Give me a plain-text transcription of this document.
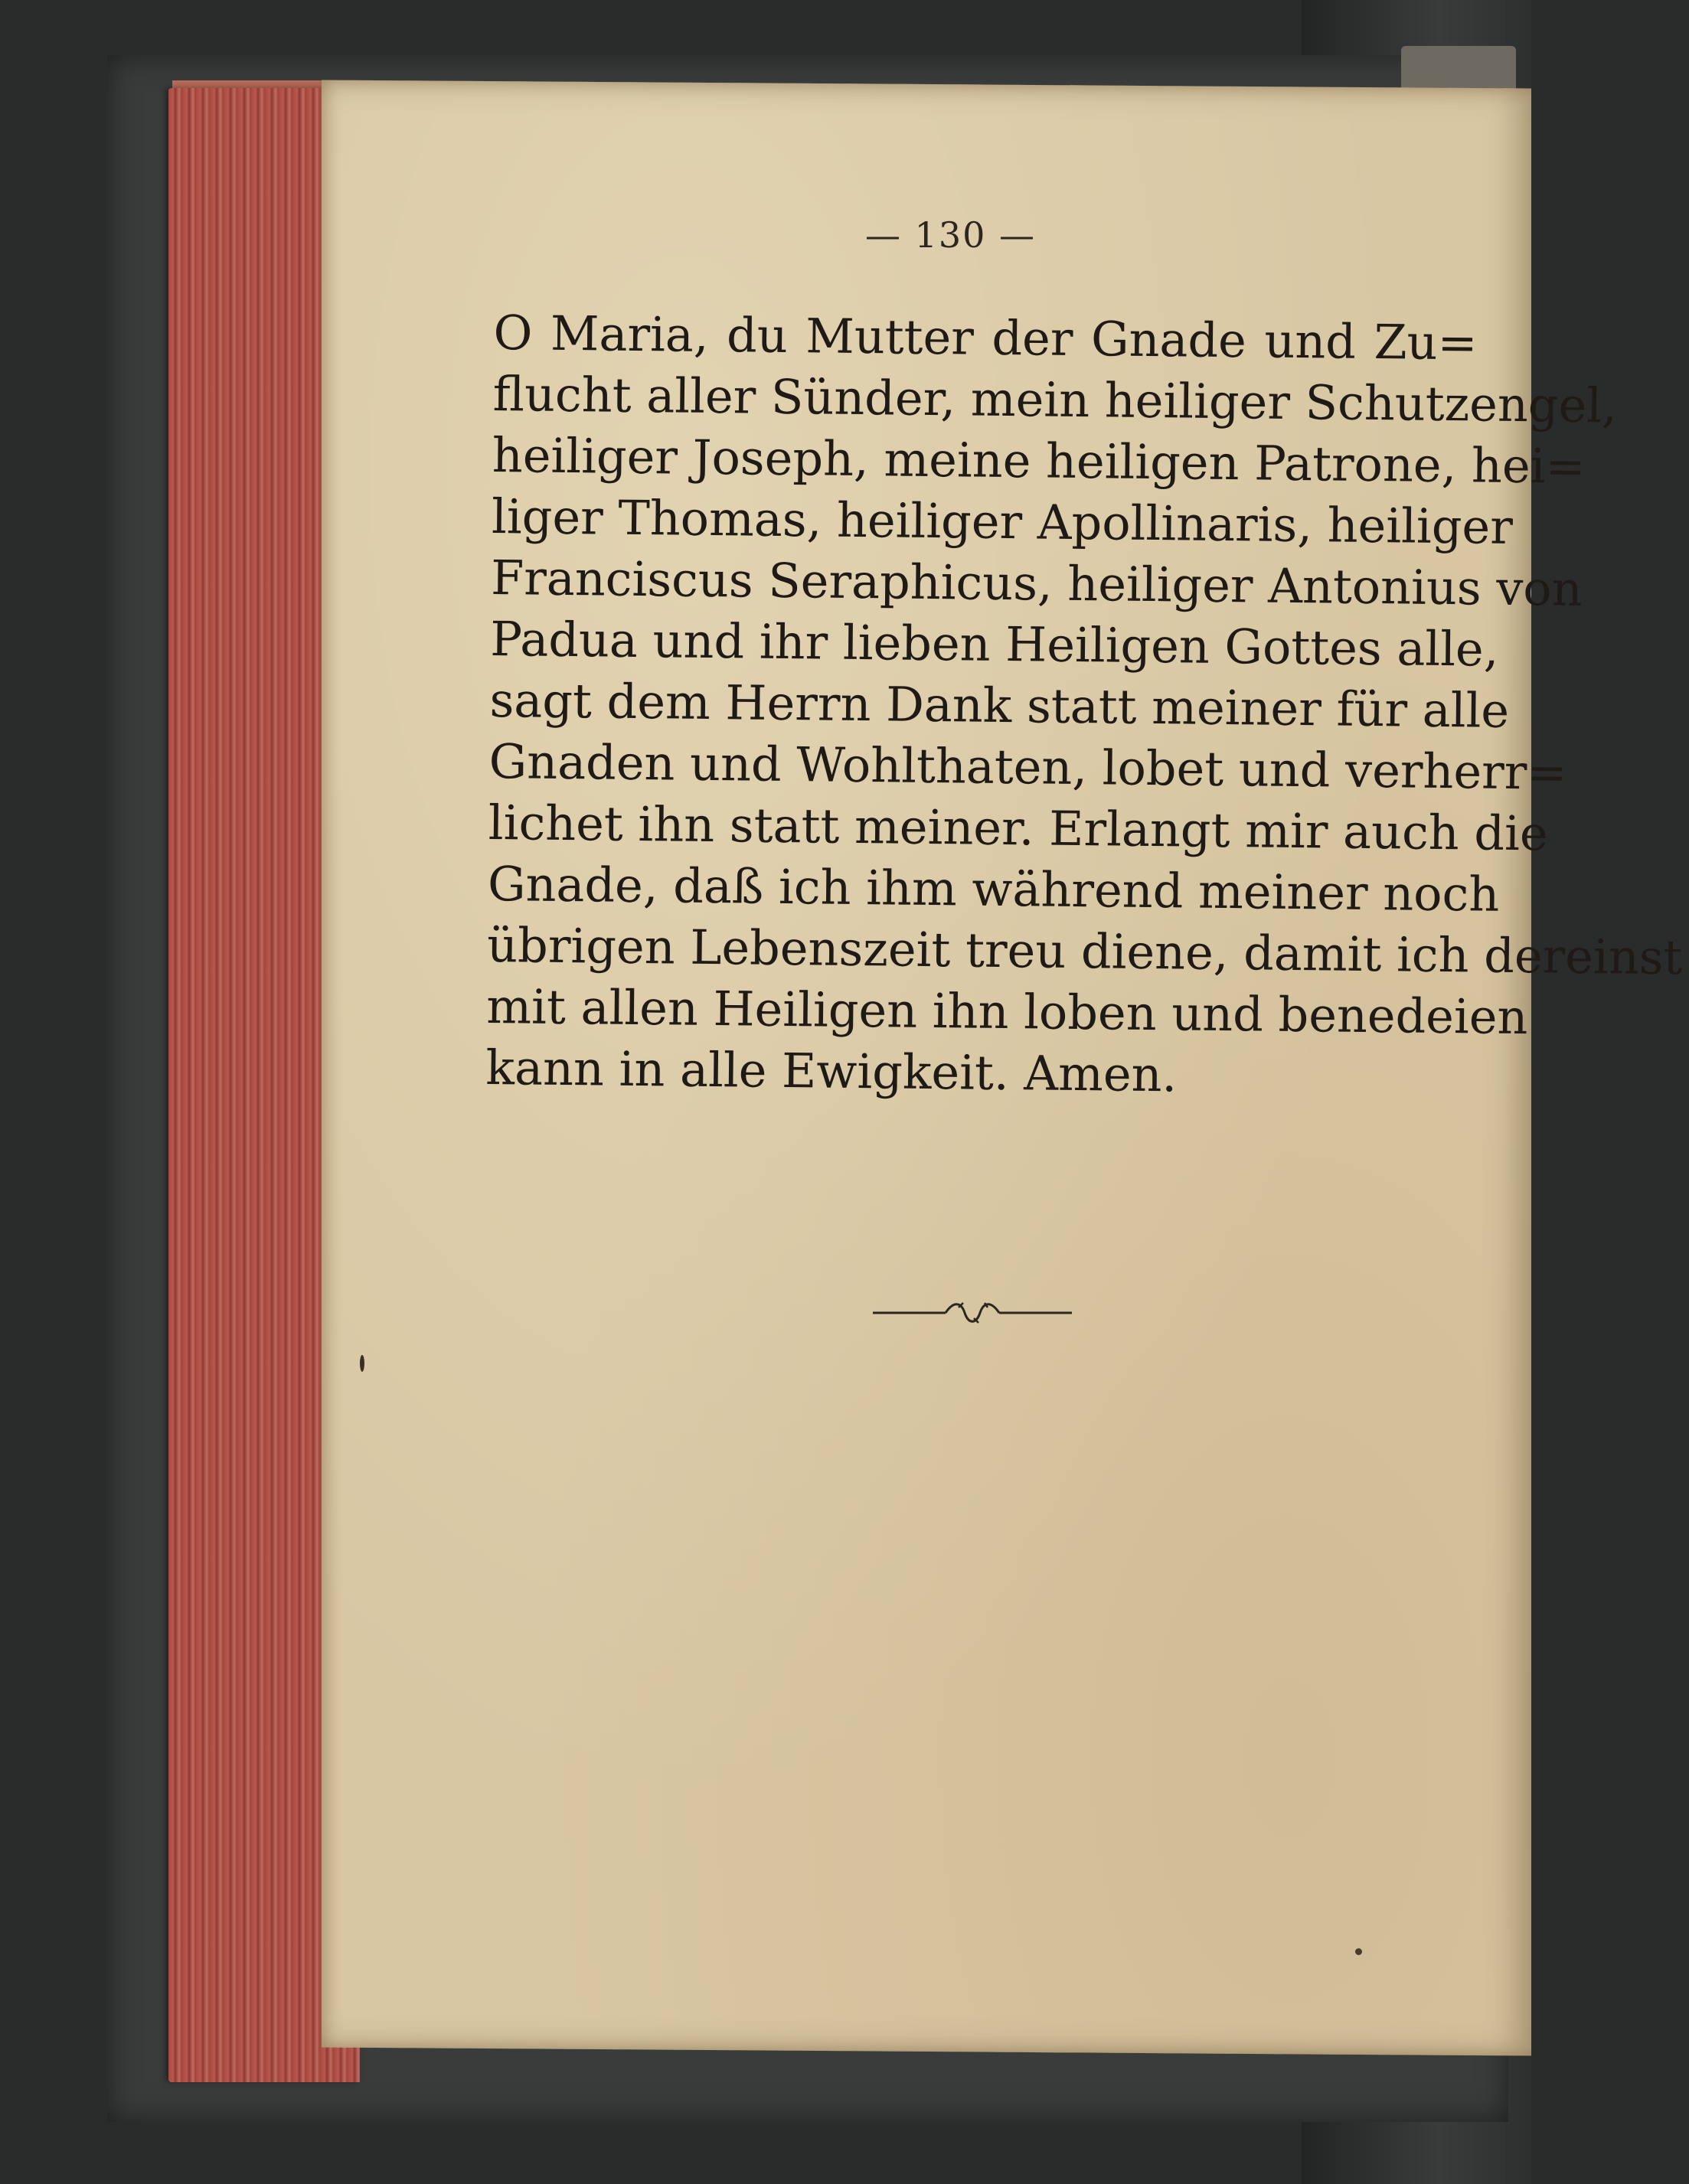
— 130 —
O Maria, du Mutter der Gnade und Zu=
flucht aller Sünder, mein heiliger Schutzengel,
heiliger Joseph, meine heiligen Patrone, hei=
liger Thomas, heiliger Apollinaris, heiliger
Franciscus Seraphicus, heiliger Antonius von
Padua und ihr lieben Heiligen Gottes alle,
sagt dem Herrn Dank statt meiner für alle
Gnaden und Wohlthaten, lobet und verherr=
lichet ihn statt meiner. Erlangt mir auch die
Gnade, daß ich ihm während meiner noch
übrigen Lebenszeit treu diene, damit ich dereinst
mit allen Heiligen ihn loben und benedeien
kann in alle Ewigkeit. Amen.
